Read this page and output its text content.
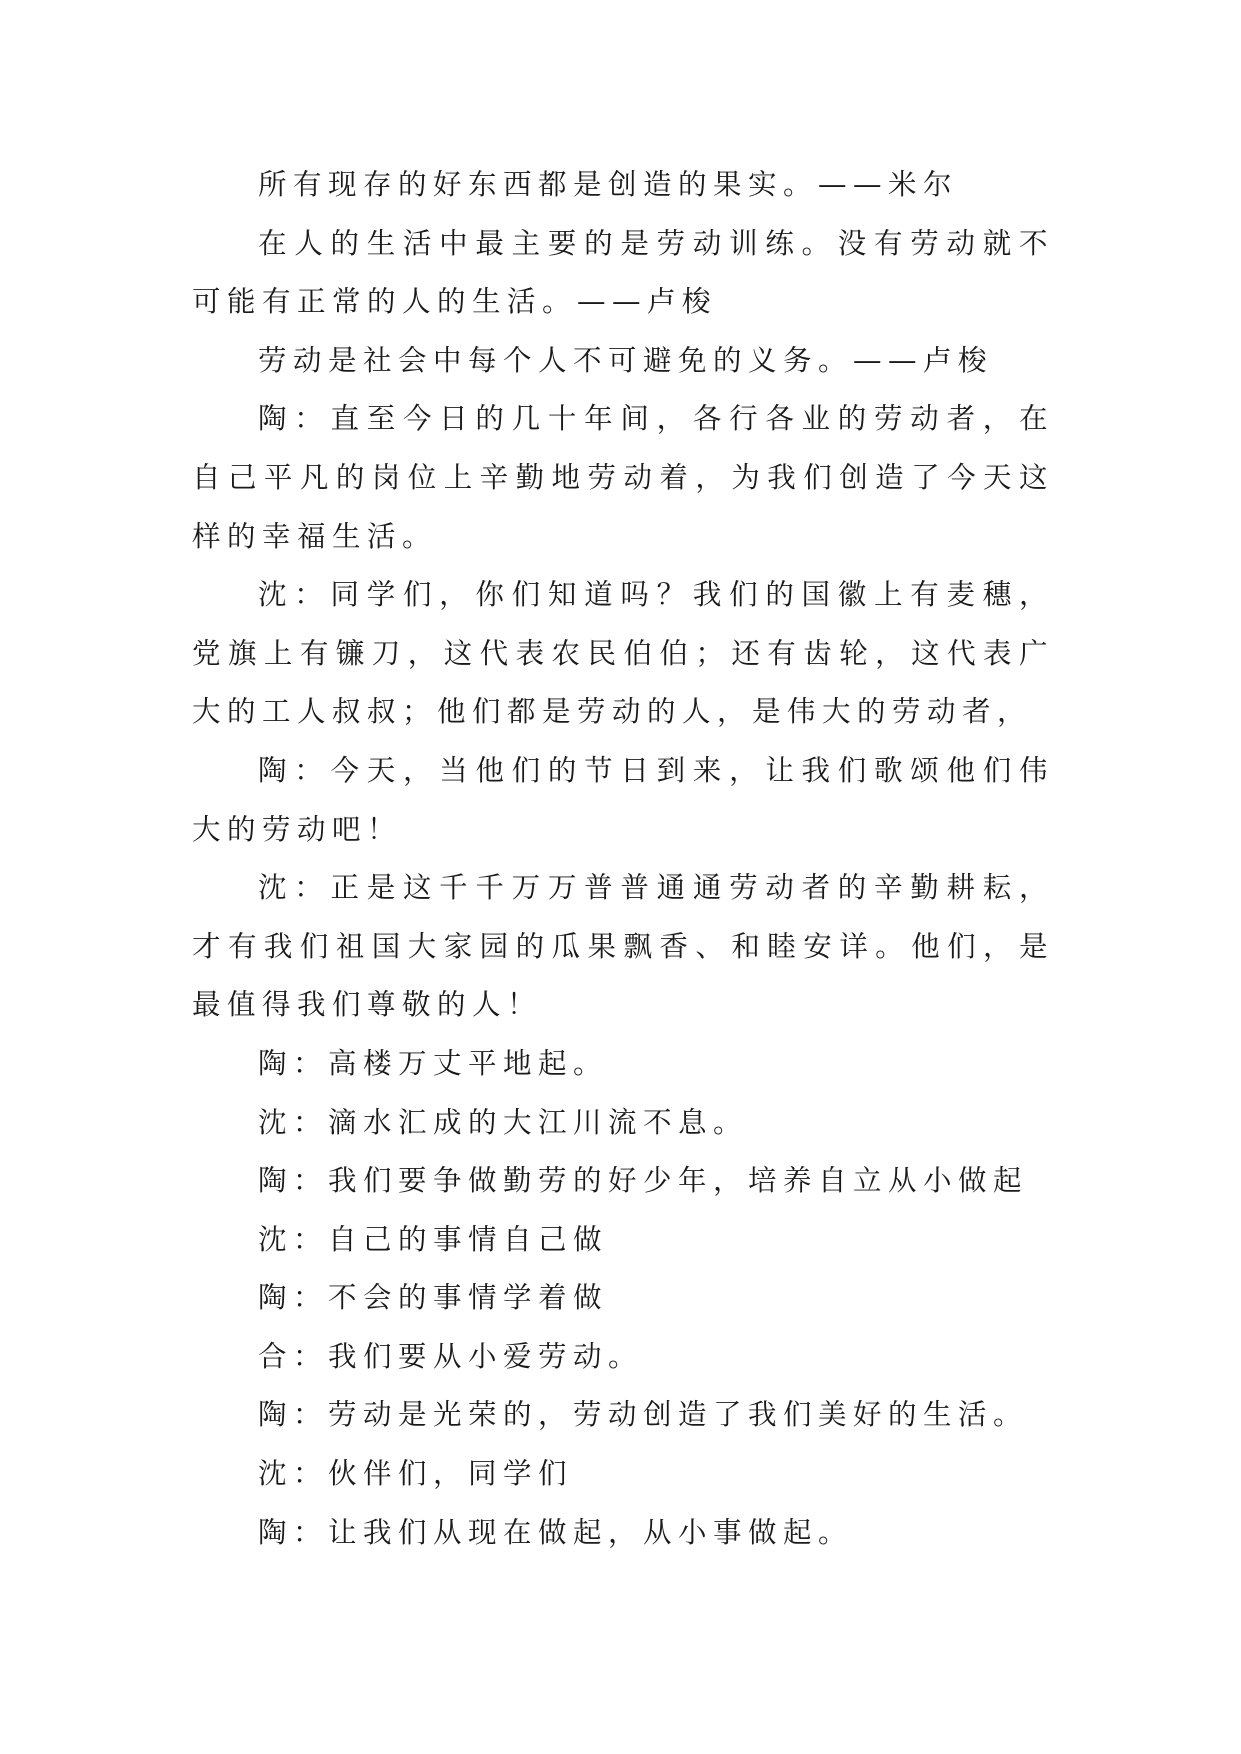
所有现存的好东西都是创造的果实。——米尔

在人的生活中最主要的是劳动训练。没有劳动就不可能有正常的人的生活。——卢梭

劳动是社会中每个人不可避免的义务。——卢梭

陶：直至今日的几十年间，各行各业的劳动者，在自己平凡的岗位上辛勤地劳动着，为我们创造了今天这样的幸福生活。

沈：同学们，你们知道吗？我们的国徽上有麦穗，党旗上有镰刀，这代表农民伯伯；还有齿轮，这代表广大的工人叔叔；他们都是劳动的人，是伟大的劳动者，

陶：今天，当他们的节日到来，让我们歌颂他们伟大的劳动吧！

沈：正是这千千万万普普通通劳动者的辛勤耕耘，才有我们祖国大家园的瓜果飘香、和睦安详。他们，是最值得我们尊敬的人！

陶：高楼万丈平地起。

沈：滴水汇成的大江川流不息。

陶：我们要争做勤劳的好少年，培养自立从小做起

沈：自己的事情自己做

陶：不会的事情学着做

合：我们要从小爱劳动。

陶：劳动是光荣的，劳动创造了我们美好的生活。

沈：伙伴们，同学们

陶：让我们从现在做起，从小事做起。
